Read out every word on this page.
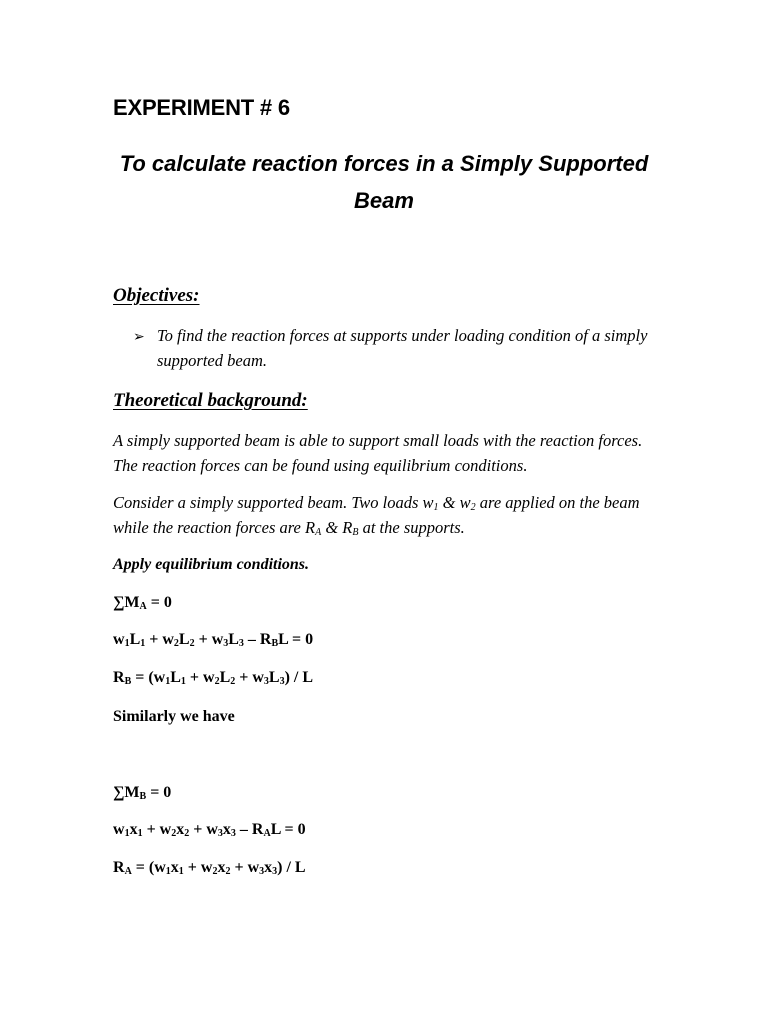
EXPERIMENT # 6
To calculate reaction forces in a Simply Supported
Beam
Objectives:
➢ To find the reaction forces at supports under loading condition of a simply supported beam.
Theoretical background:
A simply supported beam is able to support small loads with the reaction forces. The reaction forces can be found using equilibrium conditions.
Consider a simply supported beam. Two loads $w_1$ & $w_2$ are applied on the beam while the reaction forces are $R_A$ & $R_B$ at the supports.
Apply equilibrium conditions.
$\sum M_A = 0$
$w_1L_1 + w_2L_2 + w_3L_3 - R_BL = 0$
$R_B = (w_1L_1 + w_2L_2 + w_3L_3) / L$
Similarly we have
$\sum M_B = 0$
$w_1x_1 + w_2x_2 + w_3x_3 - R_AL = 0$
$R_A = (w_1x_1 + w_2x_2 + w_3x_3) / L$
